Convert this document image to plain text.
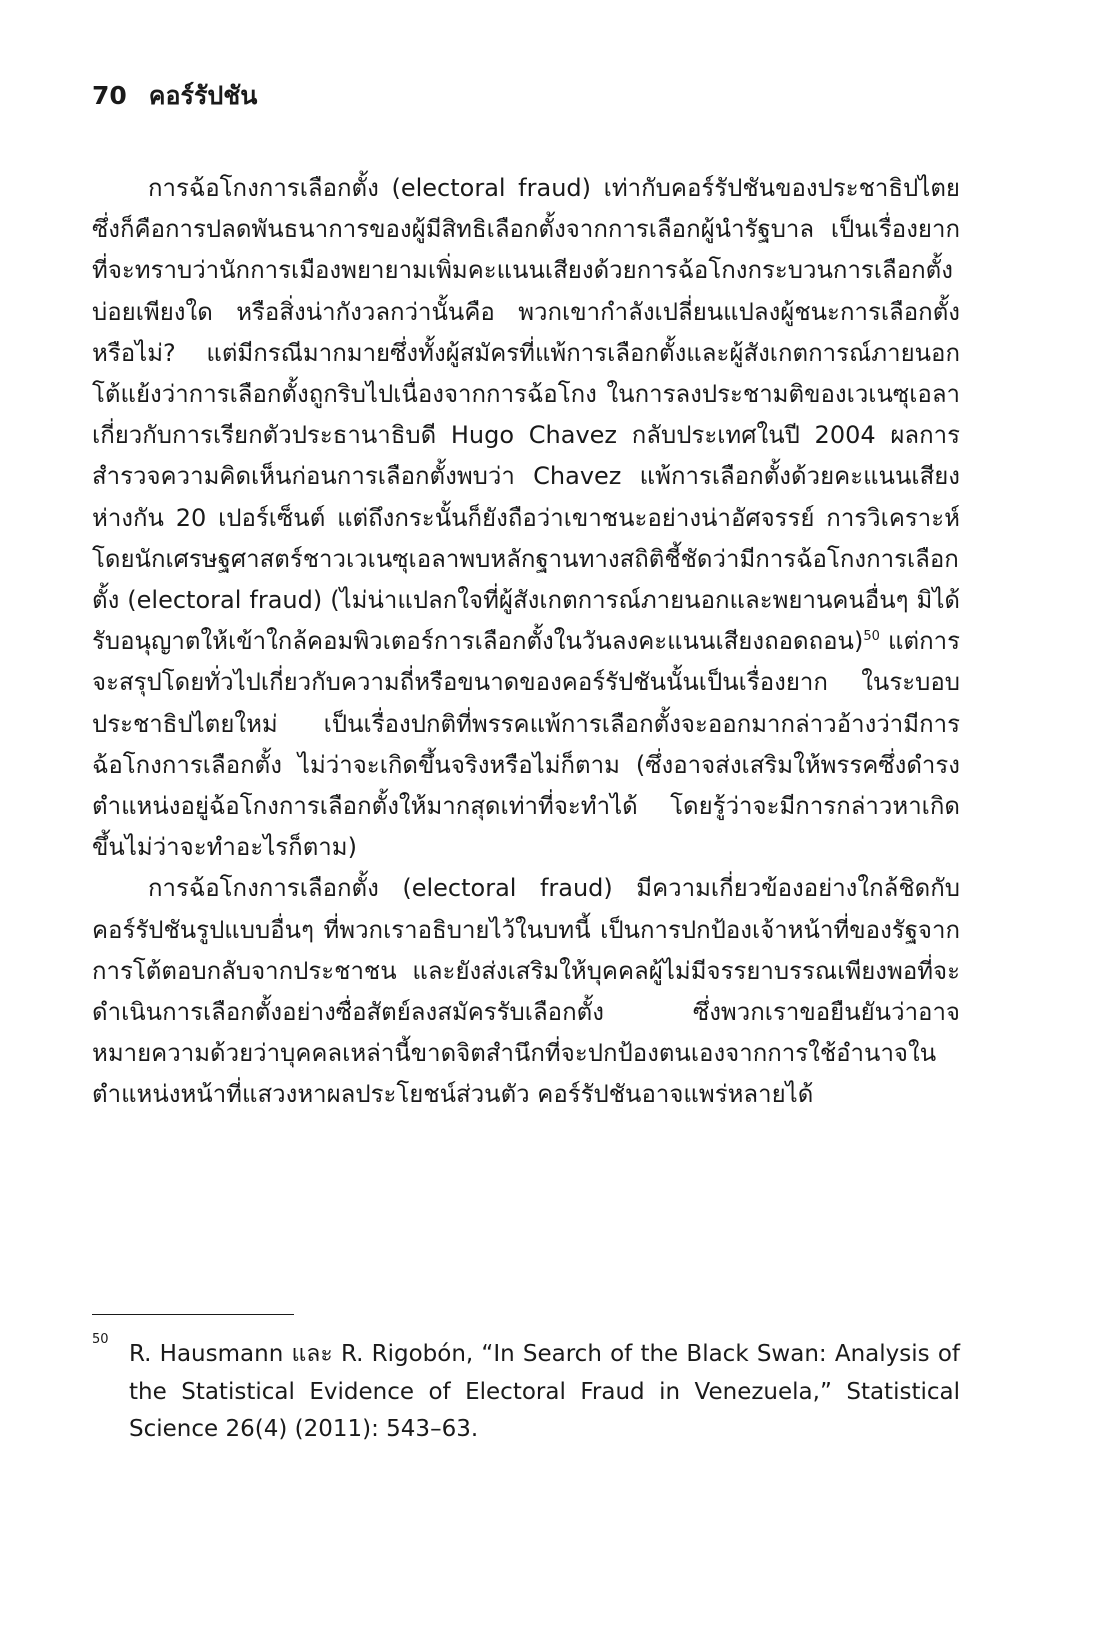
70 คอร์รัปชัน

การฉ้อโกงการเลือกตั้ง (electoral fraud) เท่ากับคอร์รัปชันของประชาธิปไตย ซึ่งก็คือการปลดพันธนาการของผู้มีสิทธิเลือกตั้งจากการเลือกผู้นำรัฐบาล เป็นเรื่องยากที่จะทราบว่านักการเมืองพยายามเพิ่มคะแนนเสียงด้วยการฉ้อโกงกระบวนการเลือกตั้งบ่อยเพียงใด หรือสิ่งน่ากังวลกว่านั้นคือ พวกเขากำลังเปลี่ยนแปลงผู้ชนะการเลือกตั้งหรือไม่? แต่มีกรณีมากมายซึ่งทั้งผู้สมัครที่แพ้การเลือกตั้งและผู้สังเกตการณ์ภายนอกโต้แย้งว่าการเลือกตั้งถูกริบไปเนื่องจากการฉ้อโกง ในการลงประชามติของเวเนซุเอลาเกี่ยวกับการเรียกตัวประธานาธิบดี Hugo Chavez กลับประเทศในปี 2004 ผลการสำรวจความคิดเห็นก่อนการเลือกตั้งพบว่า Chavez แพ้การเลือกตั้งด้วยคะแนนเสียงห่างกัน 20 เปอร์เซ็นต์ แต่ถึงกระนั้นก็ยังถือว่าเขาชนะอย่างน่าอัศจรรย์ การวิเคราะห์โดยนักเศรษฐศาสตร์ชาวเวเนซุเอลาพบหลักฐานทางสถิติชี้ชัดว่ามีการฉ้อโกงการเลือกตั้ง (electoral fraud) (ไม่น่าแปลกใจที่ผู้สังเกตการณ์ภายนอกและพยานคนอื่นๆ มิได้รับอนุญาตให้เข้าใกล้คอมพิวเตอร์การเลือกตั้งในวันลงคะแนนเสียงถอดถอน)$^{50}$ แต่การจะสรุปโดยทั่วไปเกี่ยวกับความถี่หรือขนาดของคอร์รัปชันนั้นเป็นเรื่องยาก ในระบอบประชาธิปไตยใหม่ เป็นเรื่องปกติที่พรรคแพ้การเลือกตั้งจะออกมากล่าวอ้างว่ามีการฉ้อโกงการเลือกตั้ง ไม่ว่าจะเกิดขึ้นจริงหรือไม่ก็ตาม (ซึ่งอาจส่งเสริมให้พรรคซึ่งดำรงตำแหน่งอยู่ฉ้อโกงการเลือกตั้งให้มากสุดเท่าที่จะทำได้ โดยรู้ว่าจะมีการกล่าวหาเกิดขึ้นไม่ว่าจะทำอะไรก็ตาม)

การฉ้อโกงการเลือกตั้ง (electoral fraud) มีความเกี่ยวข้องอย่างใกล้ชิดกับคอร์รัปชันรูปแบบอื่นๆ ที่พวกเราอธิบายไว้ในบทนี้ เป็นการปกป้องเจ้าหน้าที่ของรัฐจากการโต้ตอบกลับจากประชาชน และยังส่งเสริมให้บุคคลผู้ไม่มีจรรยาบรรณเพียงพอที่จะดำเนินการเลือกตั้งอย่างซื่อสัตย์ลงสมัครรับเลือกตั้ง ซึ่งพวกเราขอยืนยันว่าอาจหมายความด้วยว่าบุคคลเหล่านี้ขาดจิตสำนึกที่จะปกป้องตนเองจากการใช้อำนาจในตำแหน่งหน้าที่แสวงหาผลประโยชน์ส่วนตัว คอร์รัปชันอาจแพร่หลายได้

50
R. Hausmann และ R. Rigobón, “In Search of the Black Swan: Analysis of the Statistical Evidence of Electoral Fraud in Venezuela,” Statistical Science 26(4) (2011): 543–63.
